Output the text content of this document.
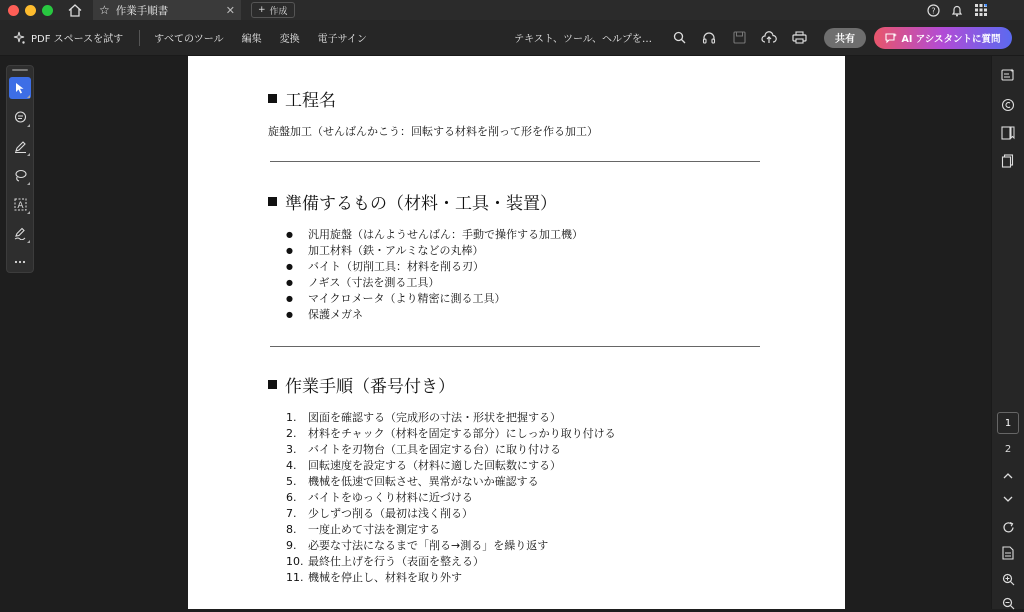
☆ 作業手順書	✕	+ 作成	?
PDF スペースを試す	すべてのツール 編集 変換 電子サイン	テキスト、ツール、ヘルプを…	共有	AI アシスタントに質問
A
工程名
旋盤加工（せんばんかこう：回転する材料を削って形を作る加工）
準備するもの（材料・工具・装置）
●	汎用旋盤（はんようせんばん：手動で操作する加工機）
●	加工材料（鉄・アルミなどの丸棒）
●	バイト（切削工具：材料を削る刃）
●	ノギス（寸法を測る工具）
●	マイクロメータ（より精密に測る工具）
●	保護メガネ
作業手順（番号付き）
1.	図面を確認する（完成形の寸法・形状を把握する）
2.	材料をチャック（材料を固定する部分）にしっかり取り付ける
3.	バイトを刃物台（工具を固定する台）に取り付ける
4.	回転速度を設定する（材料に適した回転数にする）
5.	機械を低速で回転させ、異常がないか確認する
6.	バイトをゆっくり材料に近づける
7.	少しずつ削る（最初は浅く削る）
8.	一度止めて寸法を測定する
9.	必要な寸法になるまで「削る→測る」を繰り返す
10. 最終仕上げを行う（表面を整える）
11. 機械を停止し、材料を取り外す
1
2
